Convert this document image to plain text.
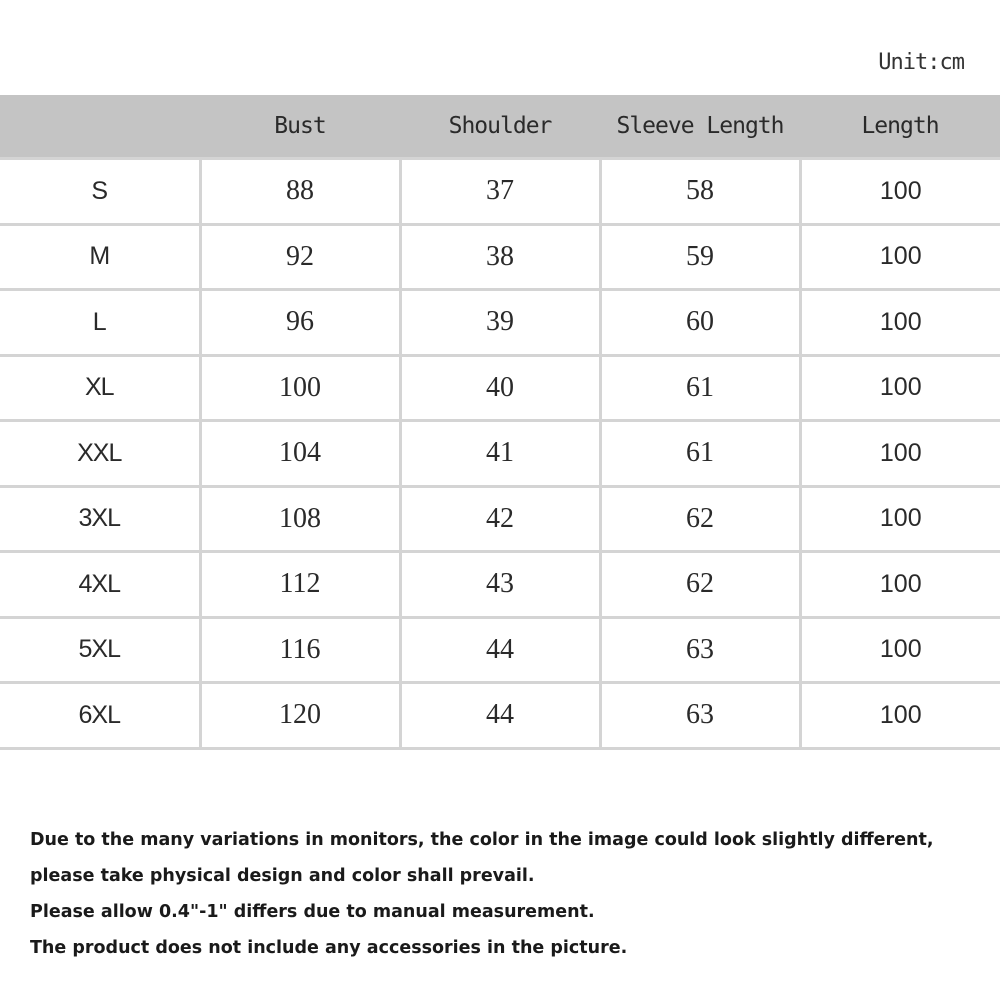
Unit:cm
	Bust	Shoulder	Sleeve Length	Length
S	88	37	58	100
M	92	38	59	100
L	96	39	60	100
XL	100	40	61	100
XXL	104	41	61	100
3XL	108	42	62	100
4XL	112	43	62	100
5XL	116	44	63	100
6XL	120	44	63	100

Due to the many variations in monitors, the color in the image could look slightly different,

please take physical design and color shall prevail.

Please allow 0.4"-1" differs due to manual measurement.

The product does not include any accessories in the picture.
